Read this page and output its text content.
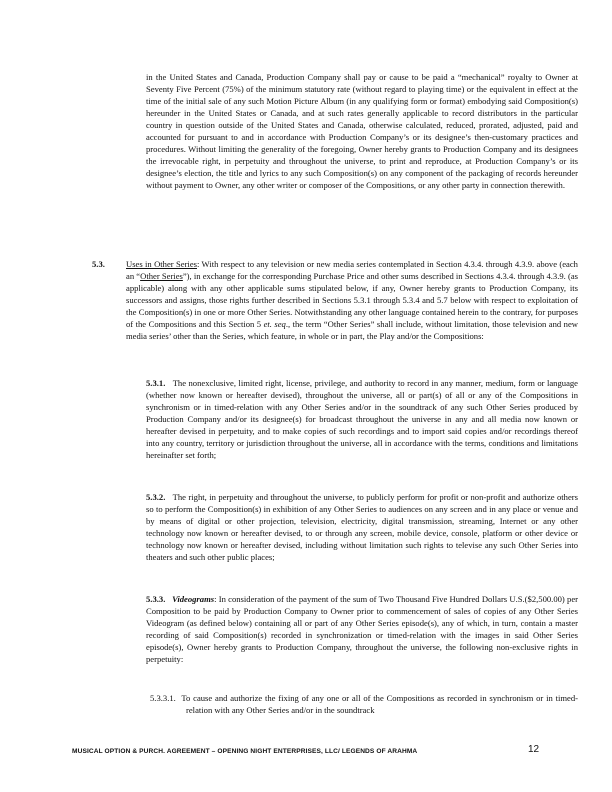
in the United States and Canada, Production Company shall pay or cause to be paid a “mechanical” royalty to Owner at Seventy Five Percent (75%) of the minimum statutory rate (without regard to playing time) or the equivalent in effect at the time of the initial sale of any such Motion Picture Album (in any qualifying form or format) embodying said Composition(s) hereunder in the United States or Canada, and at such rates generally applicable to record distributors in the particular country in question outside of the United States and Canada, otherwise calculated, reduced, prorated, adjusted, paid and accounted for pursuant to and in accordance with Production Company’s or its designee’s then-customary practices and procedures. Without limiting the generality of the foregoing, Owner hereby grants to Production Company and its designees the irrevocable right, in perpetuity and throughout the universe, to print and reproduce, at Production Company’s or its designee’s election, the title and lyrics to any such Composition(s) on any component of the packaging of records hereunder without payment to Owner, any other writer or composer of the Compositions, or any other party in connection therewith.
5.3. Uses in Other Series: With respect to any television or new media series contemplated in Section 4.3.4. through 4.3.9. above (each an “Other Series”), in exchange for the corresponding Purchase Price and other sums described in Sections 4.3.4. through 4.3.9. (as applicable) along with any other applicable sums stipulated below, if any, Owner hereby grants to Production Company, its successors and assigns, those rights further described in Sections 5.3.1 through 5.3.4 and 5.7 below with respect to exploitation of the Composition(s) in one or more Other Series. Notwithstanding any other language contained herein to the contrary, for purposes of the Compositions and this Section 5 et. seq., the term “Other Series” shall include, without limitation, those television and new media series’ other than the Series, which feature, in whole or in part, the Play and/or the Compositions:
5.3.1. The nonexclusive, limited right, license, privilege, and authority to record in any manner, medium, form or language (whether now known or hereafter devised), throughout the universe, all or part(s) of all or any of the Compositions in synchronism or in timed-relation with any Other Series and/or in the soundtrack of any such Other Series produced by Production Company and/or its designee(s) for broadcast throughout the universe in any and all media now known or hereafter devised in perpetuity, and to make copies of such recordings and to import said copies and/or recordings thereof into any country, territory or jurisdiction throughout the universe, all in accordance with the terms, conditions and limitations hereinafter set forth;
5.3.2. The right, in perpetuity and throughout the universe, to publicly perform for profit or non-profit and authorize others so to perform the Composition(s) in exhibition of any Other Series to audiences on any screen and in any place or venue and by means of digital or other projection, television, electricity, digital transmission, streaming, Internet or any other technology now known or hereafter devised, to or through any screen, mobile device, console, platform or other device or technology now known or hereafter devised, including without limitation such rights to televise any such Other Series into theaters and such other public places;
5.3.3. Videograms: In consideration of the payment of the sum of Two Thousand Five Hundred Dollars U.S.($2,500.00) per Composition to be paid by Production Company to Owner prior to commencement of sales of copies of any Other Series Videogram (as defined below) containing all or part of any Other Series episode(s), any of which, in turn, contain a master recording of said Composition(s) recorded in synchronization or timed-relation with the images in said Other Series episode(s), Owner hereby grants to Production Company, throughout the universe, the following non-exclusive rights in perpetuity:
5.3.3.1. To cause and authorize the fixing of any one or all of the Compositions as recorded in synchronism or in timed-relation with any Other Series and/or in the soundtrack
MUSICAL OPTION & PURCH. AGREEMENT – OPENING NIGHT ENTERPRISES, LLC/ LEGENDS OF ARAHMA	12
